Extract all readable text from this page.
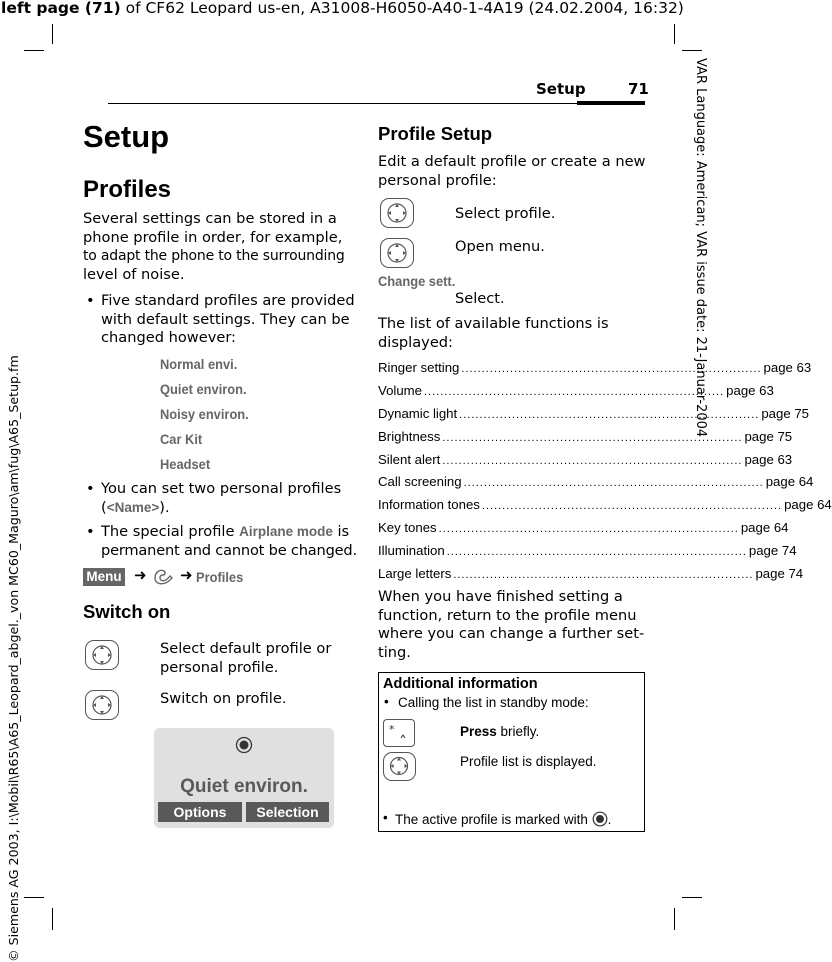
left page (71) of CF62 Leopard us-en, A31008-H6050-A40-1-4A19 (24.02.2004, 16:32)
VAR Language: American; VAR issue date: 21-Januar-2004
© Siemens AG 2003, I:\Mobil\R65\A65_Leopard_abgel._von MC60_Maguro\am\fug\A65_Setup.fm
Setup	71
Setup
Profiles
Several settings can be stored in a
phone profile in order, for example,
to adapt the phone to the surrounding
level of noise.
• Five standard profiles are provided
with default settings. They can be
changed however:
Normal envi.
Quiet environ.
Noisy environ.
Car Kit
Headset
• You can set two personal profiles
(<Name>).
• The special profile Airplane mode is
permanent and cannot be changed.
Menu ➜ ➜ Profiles
Switch on
Select default profile or
personal profile.
Switch on profile.
Quiet environ.
Options	Selection
Profile Setup
Edit a default profile or create a new
personal profile:
Select profile.
Open menu.
Change sett.
Select.
The list of available functions is
displayed:
Ringer setting .......................................................................... page 63
Volume .......................................................................... page 63
Dynamic light .......................................................................... page 75
Brightness .......................................................................... page 75
Silent alert .......................................................................... page 63
Call screening .......................................................................... page 64
Information tones .......................................................................... page 64
Key tones .......................................................................... page 64
Illumination .......................................................................... page 74
Large letters .......................................................................... page 74
When you have finished setting a
function, return to the profile menu
where you can change a further set-
ting.
Additional information
• Calling the list in standby mode:
*	Press briefly.
Profile list is displayed.
• The active profile is marked with .
